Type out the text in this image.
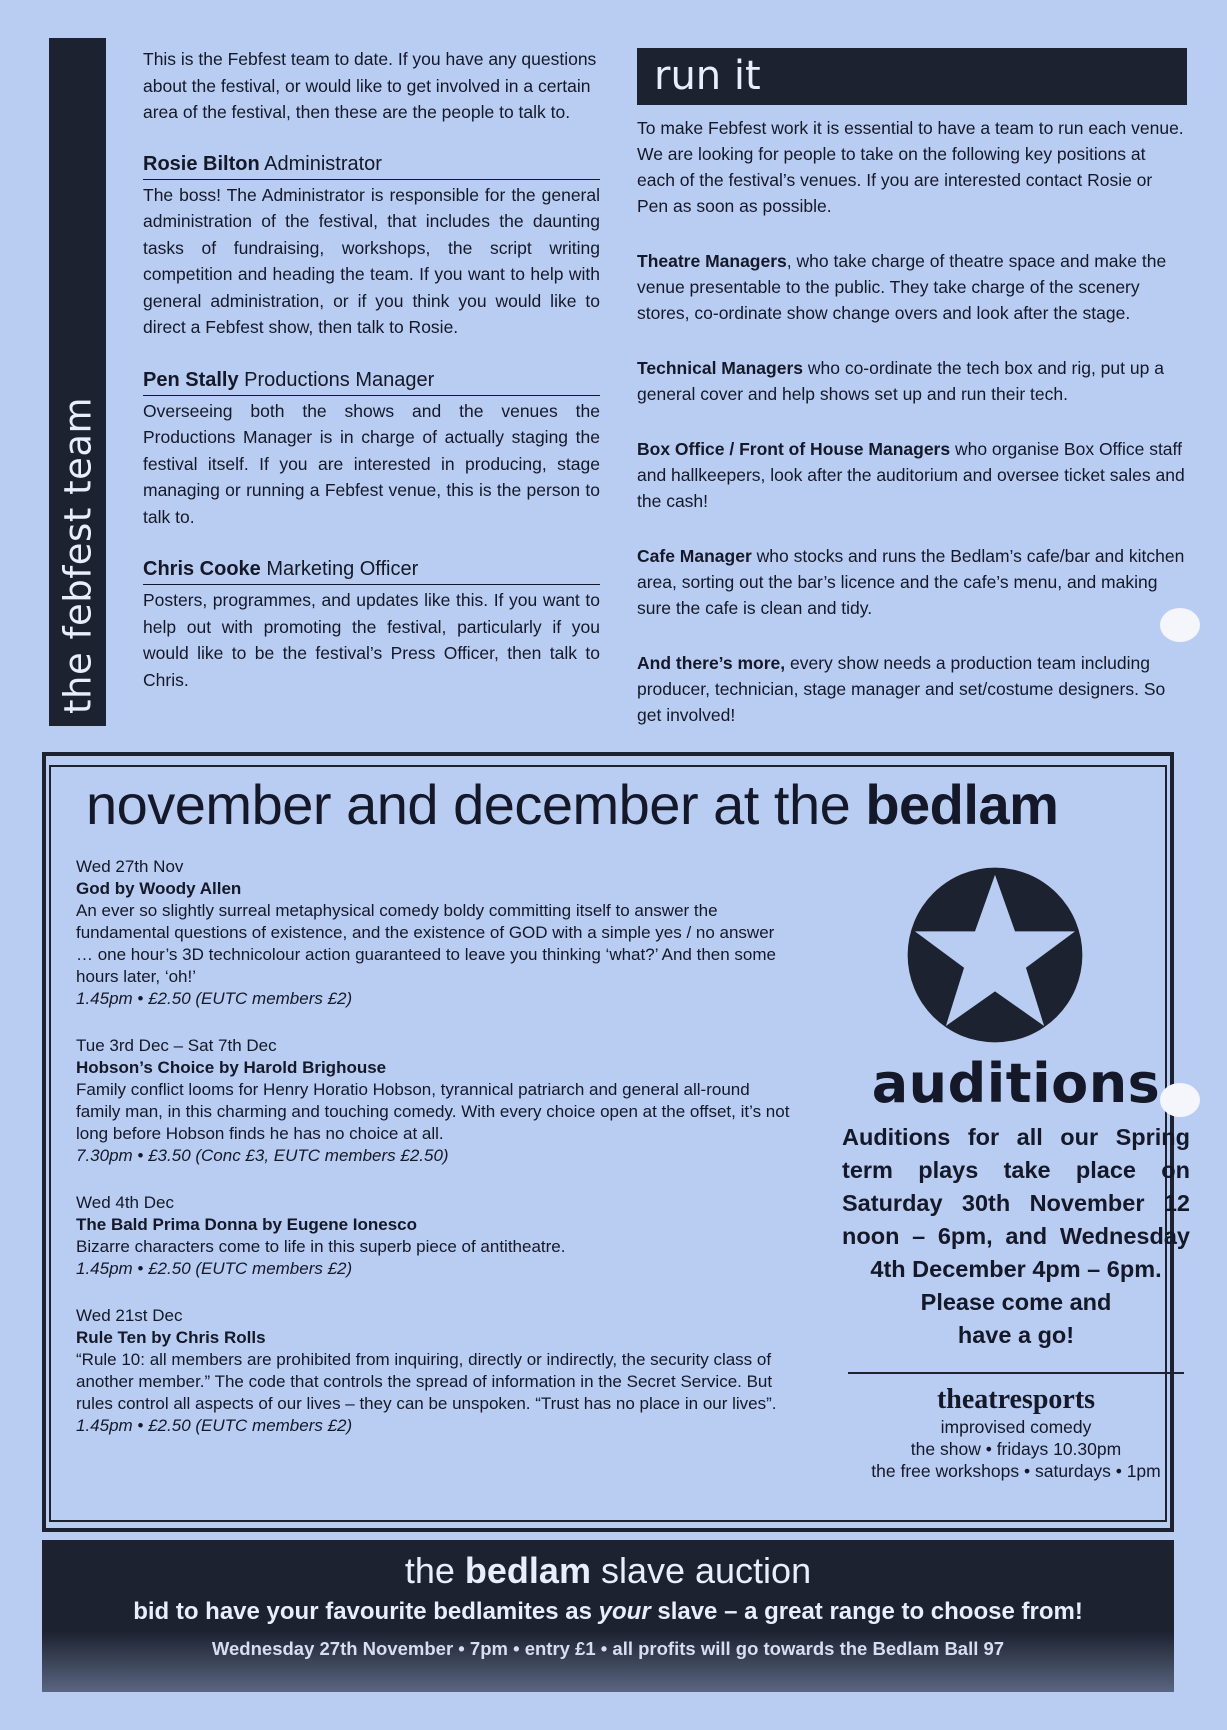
the febfest team

This is the Febfest team to date. If you have any questions about the festival, or would like to get involved in a certain area of the festival, then these are the people to talk to.

Rosie Bilton Administrator

The boss! The Administrator is responsible for the general administration of the festival, that includes the daunting tasks of fundraising, workshops, the script writing competition and heading the team. If you want to help with general administration, or if you think you would like to direct a Febfest show, then talk to Rosie.

Pen Stally Productions Manager

Overseeing both the shows and the venues the Productions Manager is in charge of actually staging the festival itself. If you are interested in producing, stage managing or running a Febfest venue, this is the person to talk to.

Chris Cooke Marketing Officer

Posters, programmes, and updates like this. If you want to help out with promoting the festival, particularly if you would like to be the festival’s Press Officer, then talk to Chris.

run it

To make Febfest work it is essential to have a team to run each venue. We are looking for people to take on the following key positions at each of the festival’s venues. If you are interested contact Rosie or Pen as soon as possible.

Theatre Managers, who take charge of theatre space and make the venue presentable to the public. They take charge of the scenery stores, co-ordinate show change overs and look after the stage.

Technical Managers who co-ordinate the tech box and rig, put up a general cover and help shows set up and run their tech.

Box Office / Front of House Managers who organise Box Office staff and hallkeepers, look after the auditorium and oversee ticket sales and the cash!

Cafe Manager who stocks and runs the Bedlam’s cafe/bar and kitchen area, sorting out the bar’s licence and the cafe’s menu, and making sure the cafe is clean and tidy.

And there’s more, every show needs a production team including producer, technician, stage manager and set/costume designers. So get involved!

november and december at the bedlam
Wed 27th Nov
God by Woody Allen
An ever so slightly surreal metaphysical comedy boldy committing itself to answer the fundamental questions of existence, and the existence of GOD with a simple yes / no answer … one hour’s 3D technicolour action guaranteed to leave you thinking ‘what?’ And then some hours later, ‘oh!’
1.45pm • £2.50 (EUTC members £2)
Tue 3rd Dec – Sat 7th Dec
Hobson’s Choice by Harold Brighouse
Family conflict looms for Henry Horatio Hobson, tyrannical patriarch and general all-round family man, in this charming and touching comedy. With every choice open at the offset, it’s not long before Hobson finds he has no choice at all.
7.30pm • £3.50 (Conc £3, EUTC members £2.50)
Wed 4th Dec
The Bald Prima Donna by Eugene Ionesco
Bizarre characters come to life in this superb piece of antitheatre.
1.45pm • £2.50 (EUTC members £2)
Wed 21st Dec
Rule Ten by Chris Rolls
“Rule 10: all members are prohibited from inquiring, directly or indirectly, the security class of another member.” The code that controls the spread of information in the Secret Service. But rules control all aspects of our lives – they can be unspoken. “Trust has no place in our lives”.
1.45pm • £2.50 (EUTC members £2)
auditions
Auditions for all our Spring term plays take place on Saturday 30th November 12 noon – 6pm, and Wednesday 4th December 4pm – 6pm.
Please come and
have a go!
theatresports
improvised comedy
the show • fridays 10.30pm
the free workshops • saturdays • 1pm
the bedlam slave auction
bid to have your favourite bedlamites as your slave – a great range to choose from!
Wednesday 27th November • 7pm • entry £1 • all profits will go towards the Bedlam Ball 97
